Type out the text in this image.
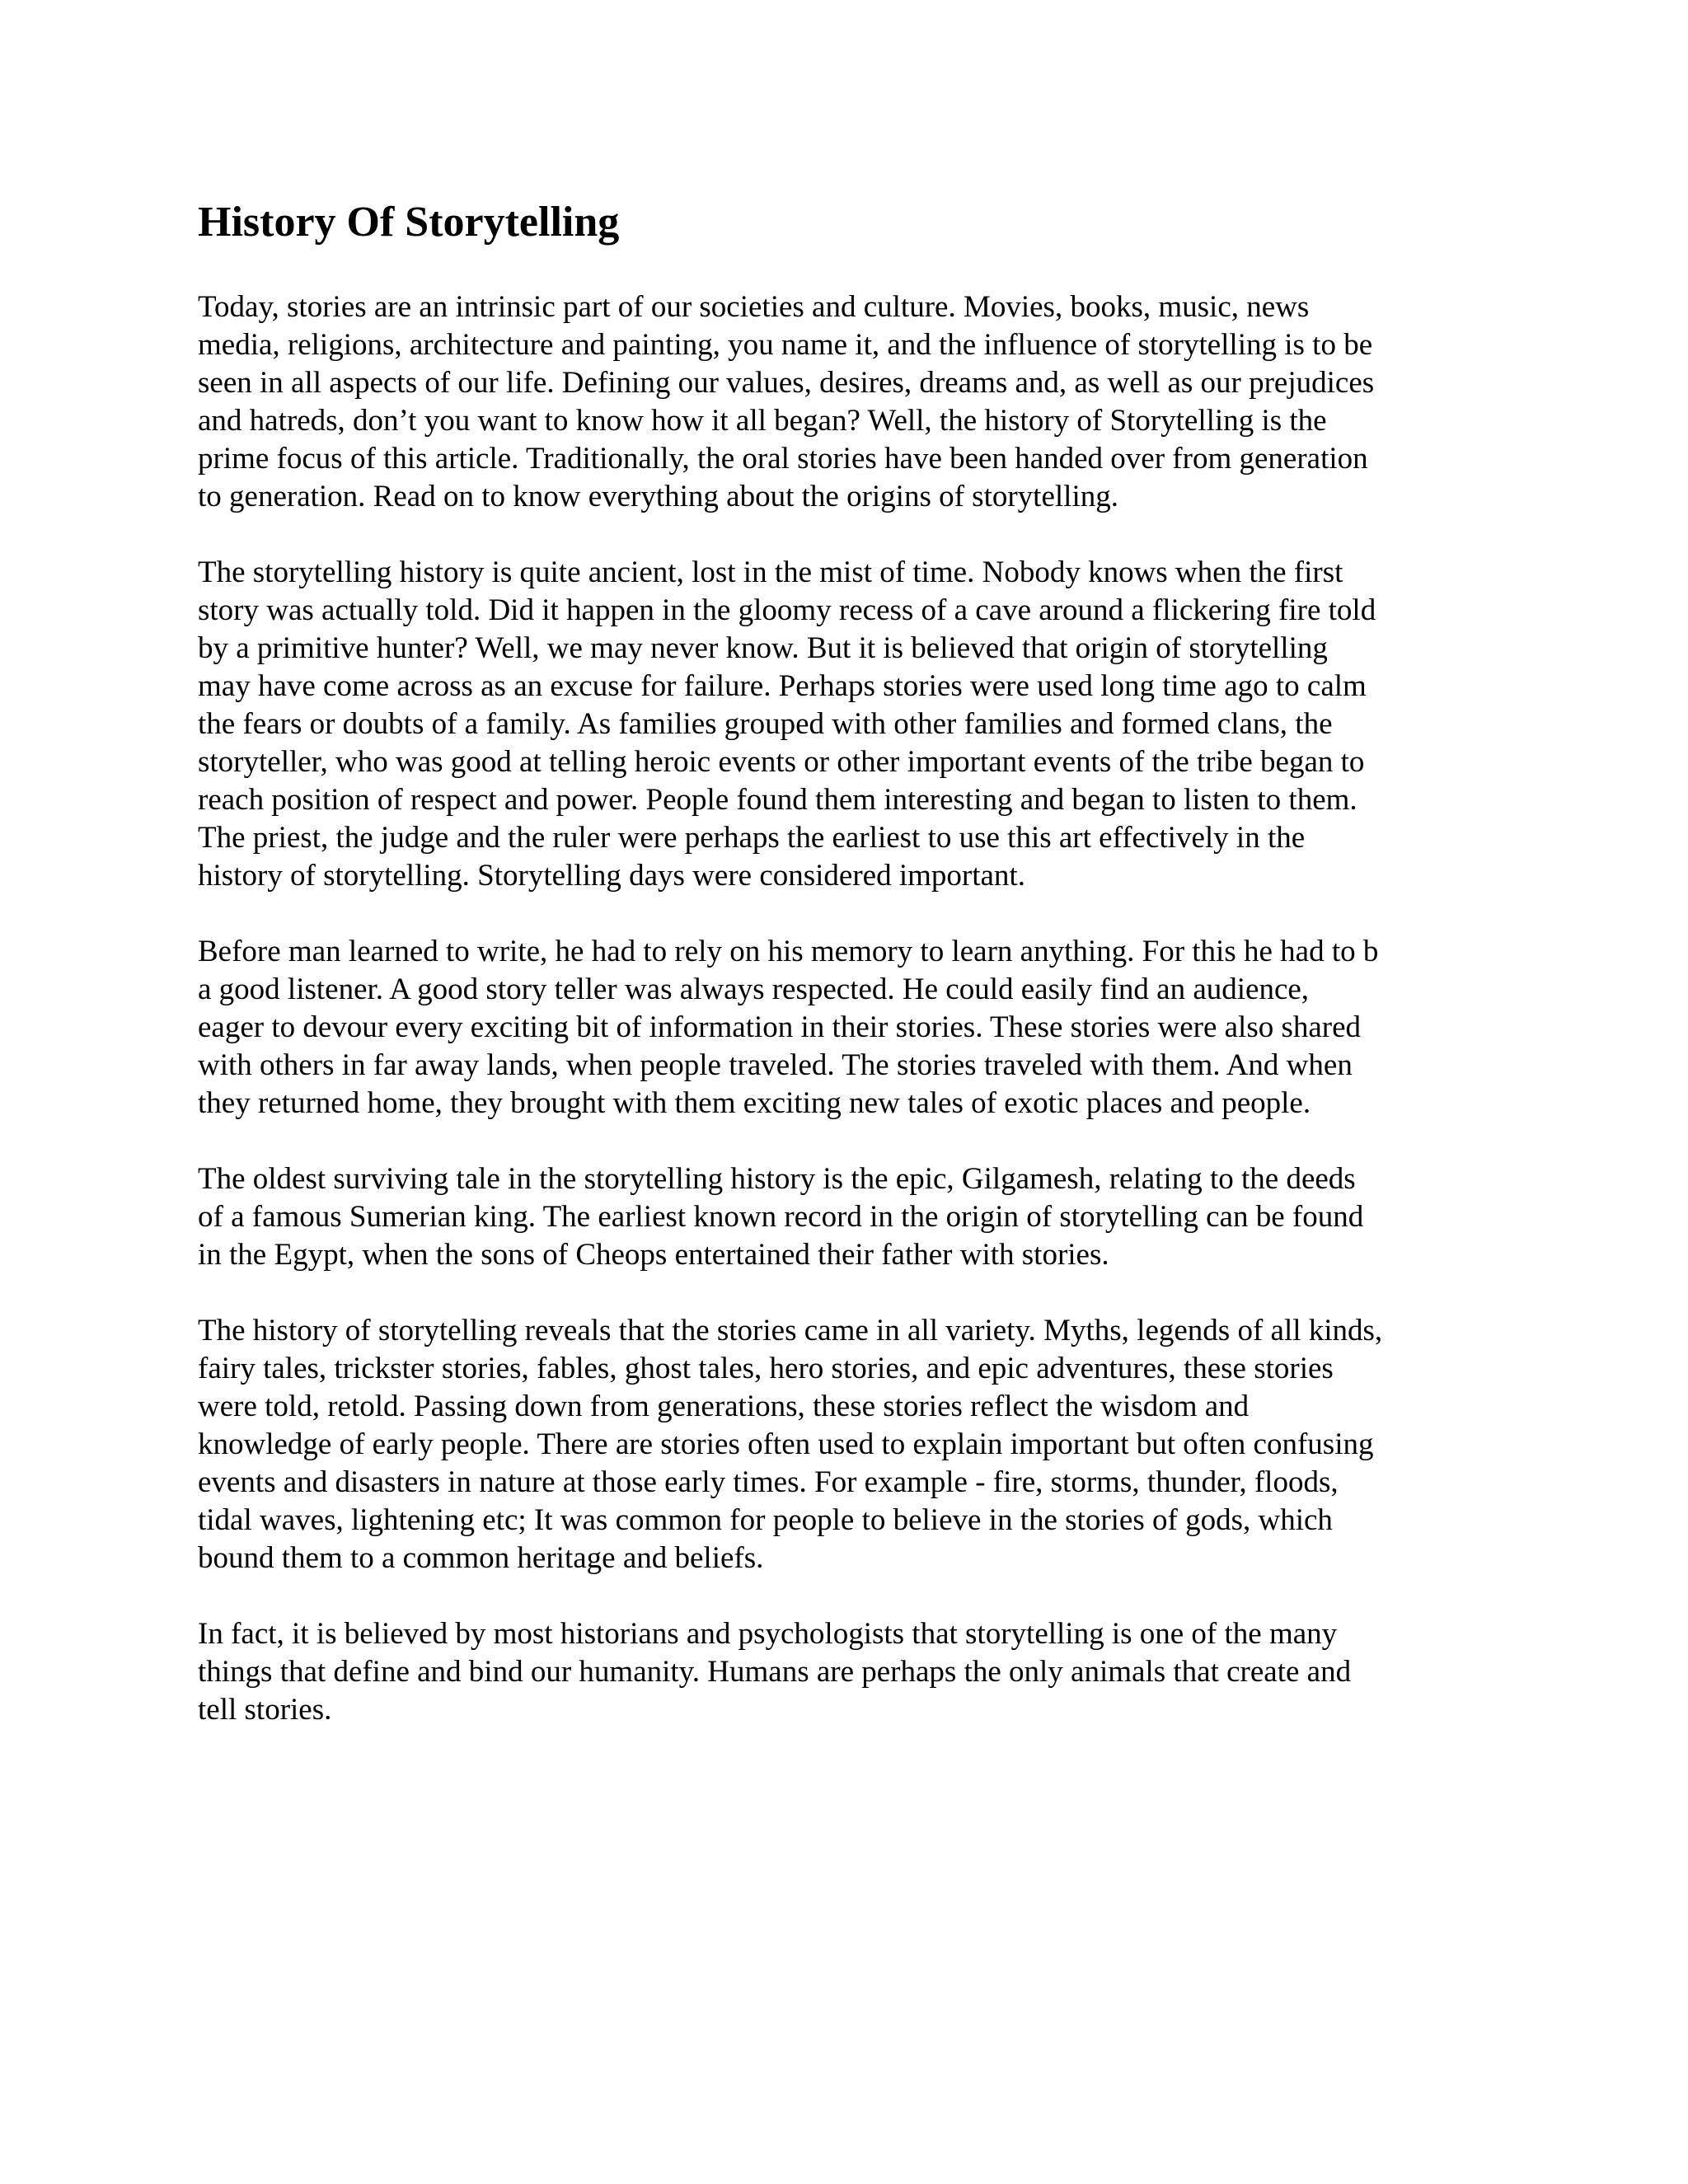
History Of Storytelling

Today, stories are an intrinsic part of our societies and culture. Movies, books, music, news
media, religions, architecture and painting, you name it, and the influence of storytelling is to be
seen in all aspects of our life. Defining our values, desires, dreams and, as well as our prejudices
and hatreds, don’t you want to know how it all began? Well, the history of Storytelling is the
prime focus of this article. Traditionally, the oral stories have been handed over from generation
to generation. Read on to know everything about the origins of storytelling.

The storytelling history is quite ancient, lost in the mist of time. Nobody knows when the first
story was actually told. Did it happen in the gloomy recess of a cave around a flickering fire told
by a primitive hunter? Well, we may never know. But it is believed that origin of storytelling
may have come across as an excuse for failure. Perhaps stories were used long time ago to calm
the fears or doubts of a family. As families grouped with other families and formed clans, the
storyteller, who was good at telling heroic events or other important events of the tribe began to
reach position of respect and power. People found them interesting and began to listen to them.
The priest, the judge and the ruler were perhaps the earliest to use this art effectively in the
history of storytelling. Storytelling days were considered important.

Before man learned to write, he had to rely on his memory to learn anything. For this he had to b
a good listener. A good story teller was always respected. He could easily find an audience,
eager to devour every exciting bit of information in their stories. These stories were also shared
with others in far away lands, when people traveled. The stories traveled with them. And when
they returned home, they brought with them exciting new tales of exotic places and people.

The oldest surviving tale in the storytelling history is the epic, Gilgamesh, relating to the deeds
of a famous Sumerian king. The earliest known record in the origin of storytelling can be found
in the Egypt, when the sons of Cheops entertained their father with stories.

The history of storytelling reveals that the stories came in all variety. Myths, legends of all kinds,
fairy tales, trickster stories, fables, ghost tales, hero stories, and epic adventures, these stories
were told, retold. Passing down from generations, these stories reflect the wisdom and
knowledge of early people. There are stories often used to explain important but often confusing
events and disasters in nature at those early times. For example - fire, storms, thunder, floods,
tidal waves, lightening etc; It was common for people to believe in the stories of gods, which
bound them to a common heritage and beliefs.

In fact, it is believed by most historians and psychologists that storytelling is one of the many
things that define and bind our humanity. Humans are perhaps the only animals that create and
tell stories.
